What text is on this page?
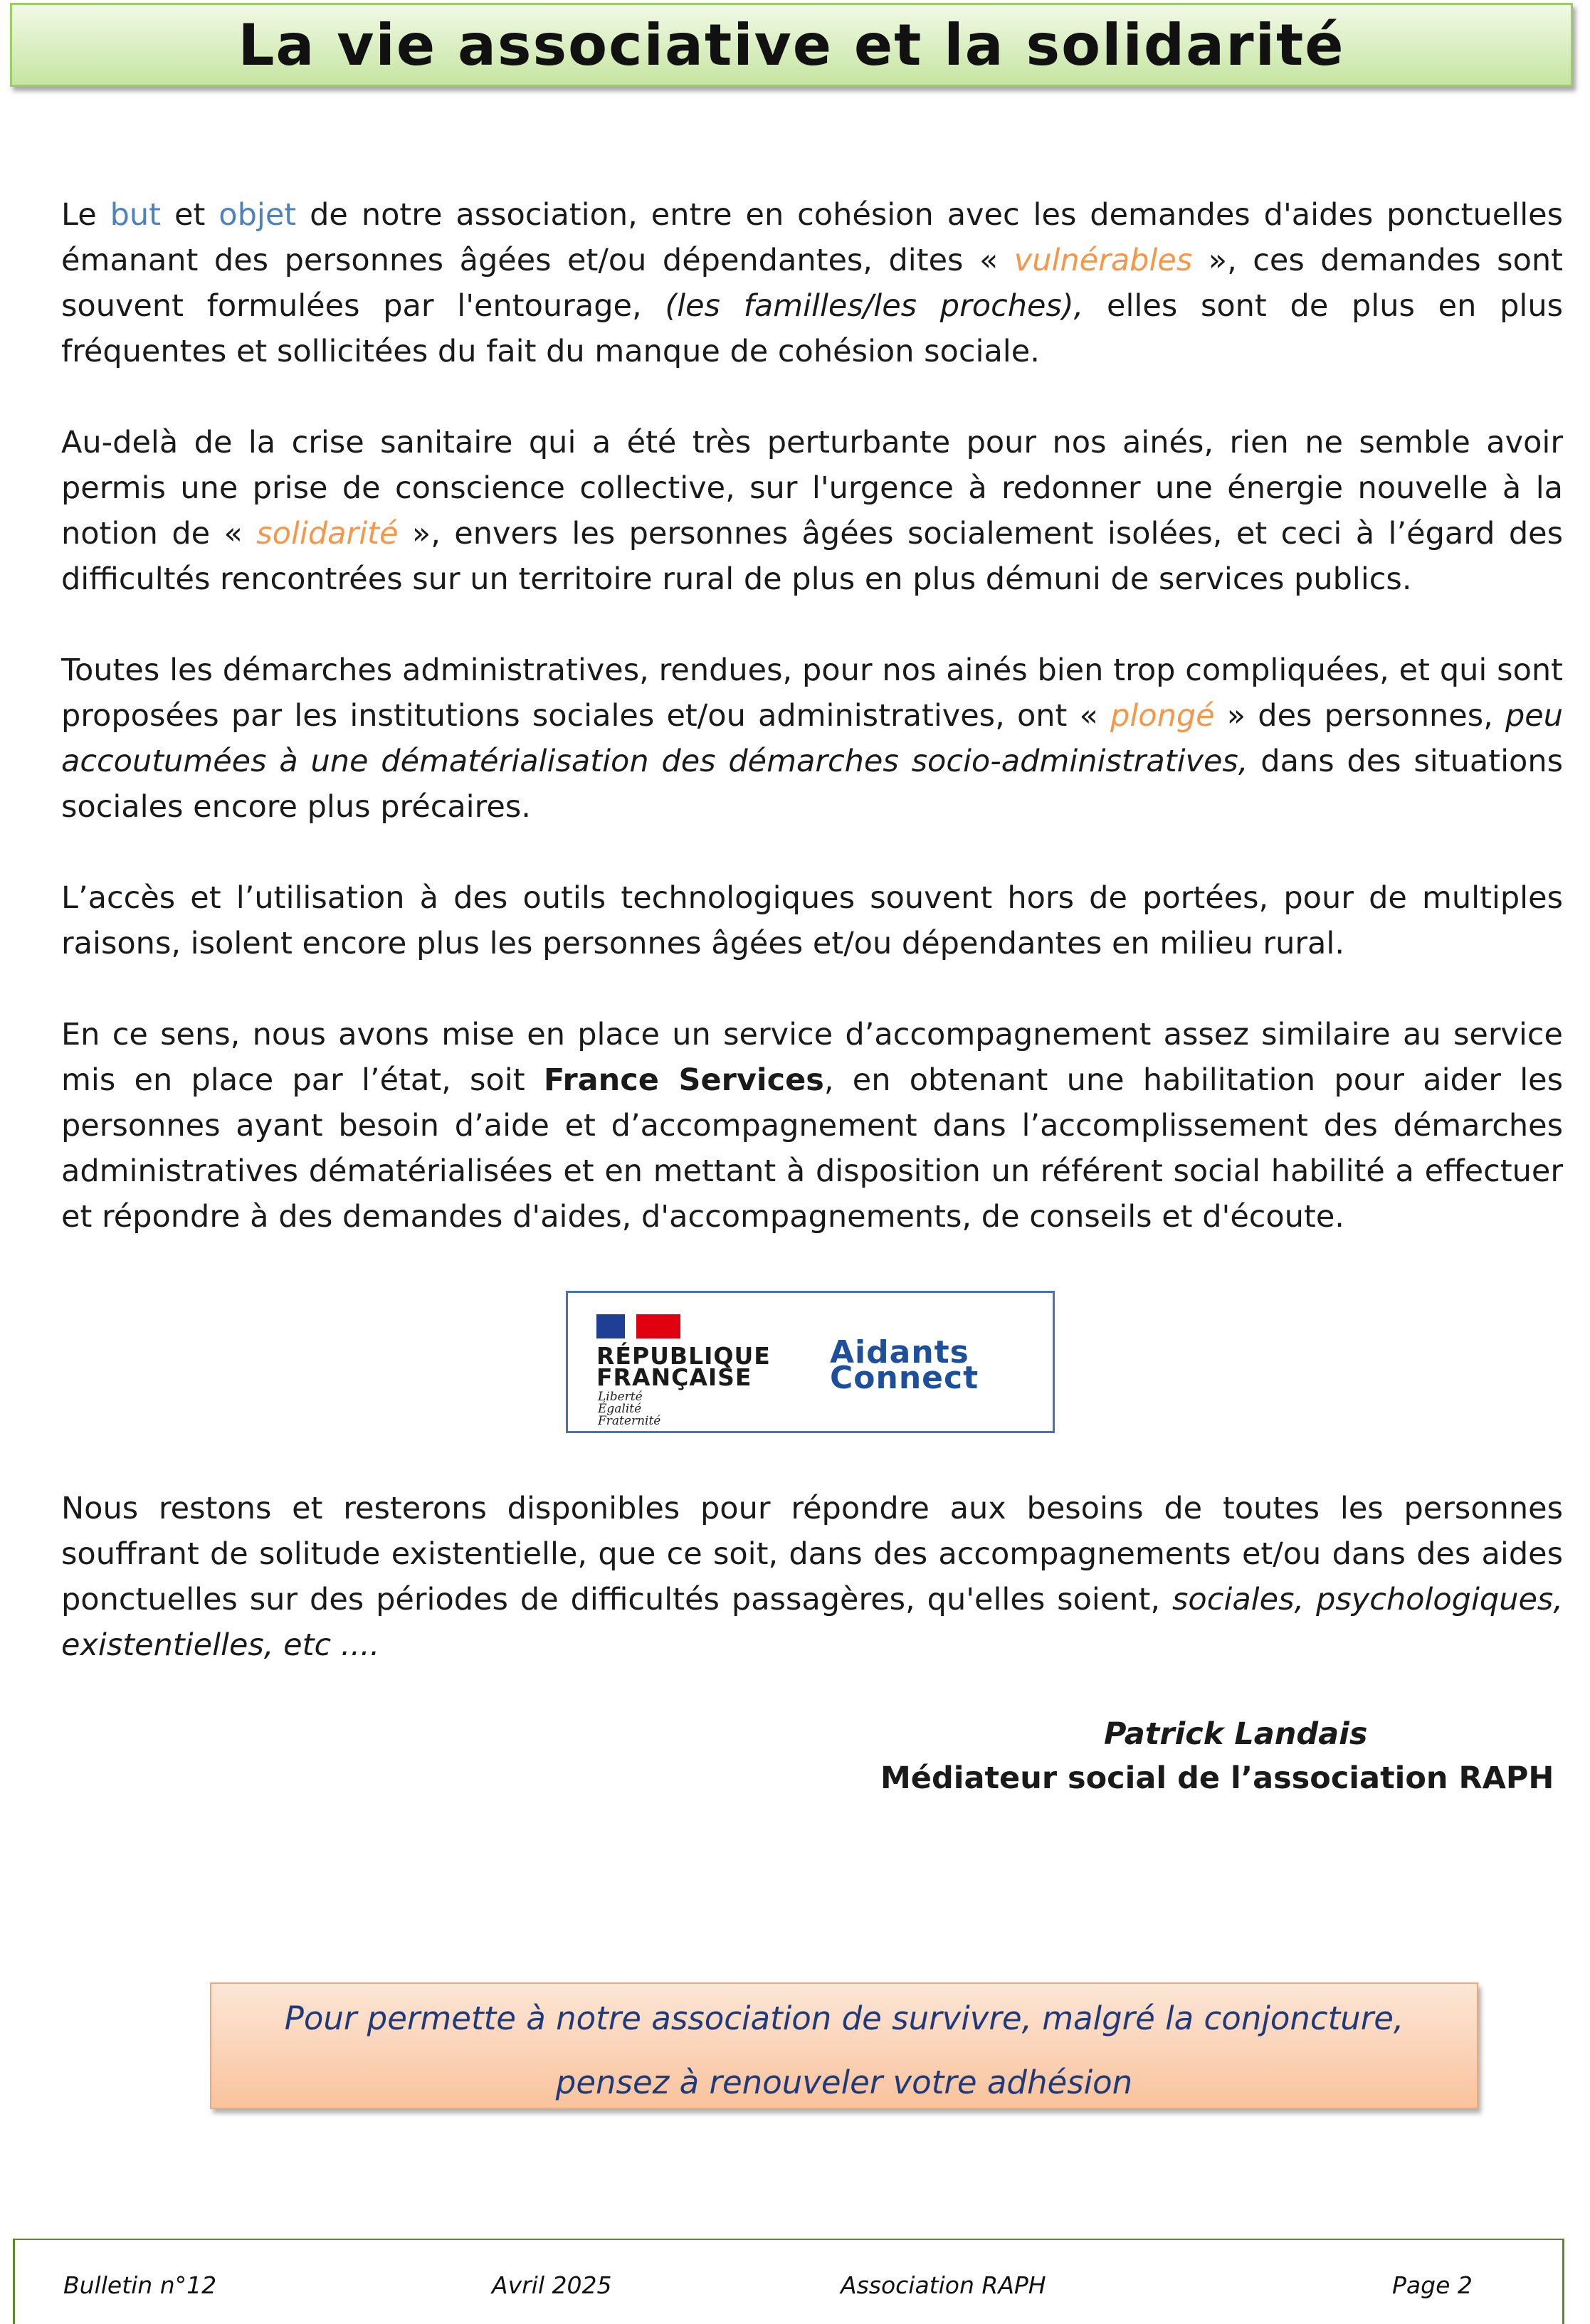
La vie associative et la solidarité

Le but et objet de notre association, entre en cohésion avec les demandes d'aides ponctuelles émanant des personnes âgées et/ou dépendantes, dites « vulnérables », ces demandes sont souvent formulées par l'entourage, (les familles/les proches), elles sont de plus en plus fréquentes et sollicitées du fait du manque de cohésion sociale.

Au-delà de la crise sanitaire qui a été très perturbante pour nos ainés, rien ne semble avoir permis une prise de conscience collective, sur l'urgence à redonner une énergie nouvelle à la notion de « solidarité », envers les personnes âgées socialement isolées, et ceci à l’égard des difficultés rencontrées sur un territoire rural de plus en plus démuni de services publics.

Toutes les démarches administratives, rendues, pour nos ainés bien trop compliquées, et qui sont proposées par les institutions sociales et/ou administratives, ont « plongé » des personnes, peu accoutumées à une dématérialisation des démarches socio-administratives, dans des situations sociales encore plus précaires.

L’accès et l’utilisation à des outils technologiques souvent hors de portées, pour de multiples raisons, isolent encore plus les personnes âgées et/ou dépendantes en milieu rural.

En ce sens, nous avons mise en place un service d’accompagnement assez similaire au service mis en place par l’état, soit France Services, en obtenant une habilitation pour aider les personnes ayant besoin d’aide et d’accompagnement dans l’accomplissement des démarches administratives dématérialisées et en mettant à disposition un référent social habilité a effectuer et répondre à des demandes d'aides, d'accompagnements, de conseils et d'écoute.

RÉPUBLIQUE
FRANÇAISE
Liberté
Égalité
Fraternité
Aidants
Connect

Nous restons et resterons disponibles pour répondre aux besoins de toutes les personnes souffrant de solitude existentielle, que ce soit, dans des accompagnements et/ou dans des aides ponctuelles sur des périodes de difficultés passagères, qu'elles soient, sociales, psychologiques, existentielles, etc ....

Patrick Landais
Médiateur social de l’association RAPH
Pour permette à notre association de survivre, malgré la conjoncture,
pensez à renouveler votre adhésion
Bulletin n°12	Avril 2025	Association RAPH	Page 2
